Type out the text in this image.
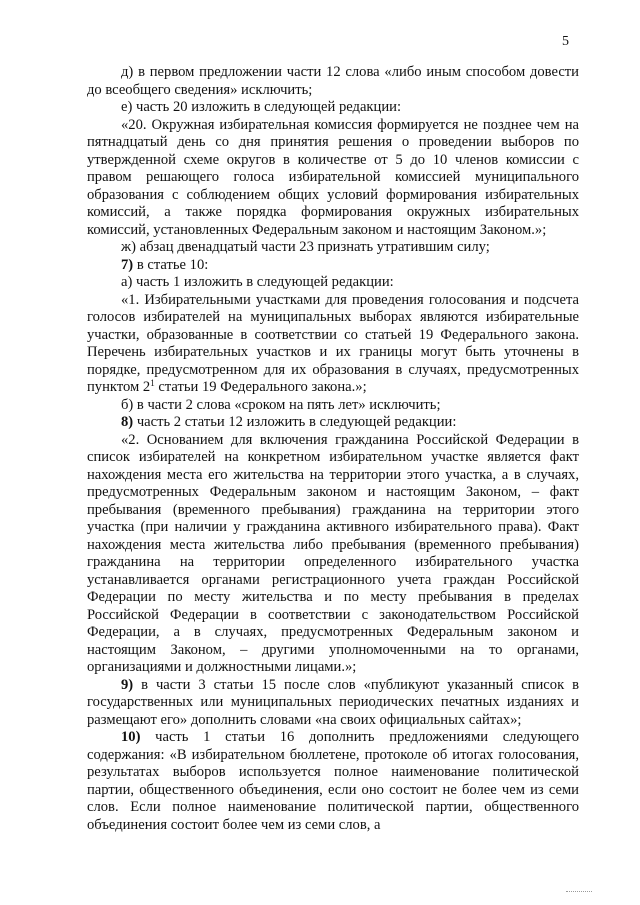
5

д) в первом предложении части 12 слова «либо иным способом довести до всеобщего сведения» исключить;

е) часть 20 изложить в следующей редакции:

«20. Окружная избирательная комиссия формируется не позднее чем на пятнадцатый день со дня принятия решения о проведении выборов по утвержденной схеме округов в количестве от 5 до 10 членов комиссии с правом решающего голоса избирательной комиссией муниципального образования с соблюдением общих условий формирования избирательных комиссий, а также порядка формирования окружных избирательных комиссий, установленных Федеральным законом и настоящим Законом.»;

ж) абзац двенадцатый части 23 признать утратившим силу;

7) в статье 10:

а) часть 1 изложить в следующей редакции:

«1. Избирательными участками для проведения голосования и подсчета голосов избирателей на муниципальных выборах являются избирательные участки, образованные в соответствии со статьей 19 Федерального закона. Перечень избирательных участков и их границы могут быть уточнены в порядке, предусмотренном для их образования в случаях, предусмотренных пунктом $2^1$ статьи 19 Федерального закона.»;

б) в части 2 слова «сроком на пять лет» исключить;

8) часть 2 статьи 12 изложить в следующей редакции:

«2. Основанием для включения гражданина Российской Федерации в список избирателей на конкретном избирательном участке является факт нахождения места его жительства на территории этого участка, а в случаях, предусмотренных Федеральным законом и настоящим Законом, – факт пребывания (временного пребывания) гражданина на территории этого участка (при наличии у гражданина активного избирательного права). Факт нахождения места жительства либо пребывания (временного пребывания) гражданина на территории определенного избирательного участка устанавливается органами регистрационного учета граждан Российской Федерации по месту жительства и по месту пребывания в пределах Российской Федерации в соответствии с законодательством Российской Федерации, а в случаях, предусмотренных Федеральным законом и настоящим Законом, – другими уполномоченными на то органами, организациями и должностными лицами.»;

9) в части 3 статьи 15 после слов «публикуют указанный список в государственных или муниципальных периодических печатных изданиях и размещают его» дополнить словами «на своих официальных сайтах»;

10) часть 1 статьи 16 дополнить предложениями следующего содержания: «В избирательном бюллетене, протоколе об итогах голосования, результатах выборов используется полное наименование политической партии, общественного объединения, если оно состоит не более чем из семи слов. Если полное наименование политической партии, общественного объединения состоит более чем из семи слов, а
